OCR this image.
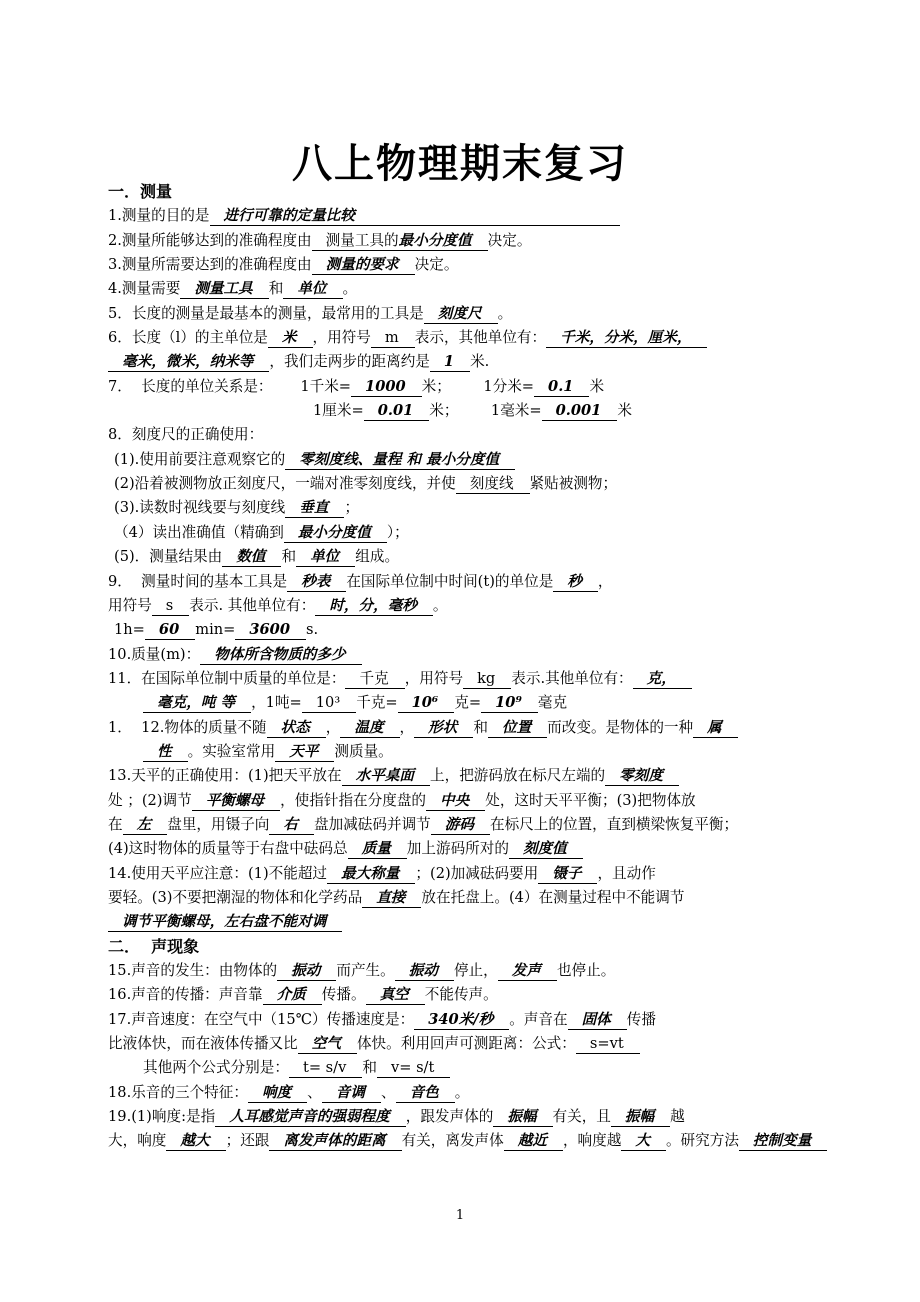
八上物理期末复习
一．测量
1.测量的目的是 进行可靠的定量比较
2.测量所能够达到的准确程度由 测量工具的最小分度值 决定。
3.测量所需要达到的准确程度由 测量的要求 决定。
4.测量需要 测量工具 和 单位 。
5．长度的测量是最基本的测量，最常用的工具是 刻度尺 。
6．长度（l）的主单位是 米 ，用符号 m 表示，其他单位有： 千米，分米，厘米，
毫米，微米，纳米等 ，我们走两步的距离约是 1 米.
7．  长度的单位关系是：      1千米= 1000 米；       1分米= 0.1 米
1厘米= 0.01 米；       1毫米= 0.001 米
8．刻度尺的正确使用：
(1).使用前要注意观察它的 零刻度线、量程 和 最小分度值
(2)沿着被测物放正刻度尺，一端对准零刻度线，并使 刻度线 紧贴被测物；
(3).读数时视线要与刻度线 垂直 ；
（4）读出准确值（精确到 最小分度值 ）；
(5)．测量结果由 数值 和 单位 组成。
9．  测量时间的基本工具是 秒表 在国际单位制中时间(t)的单位是 秒 ，
用符号 s 表示. 其他单位有： 时，分，毫秒 。
1h= 60 min= 3600 s.
10.质量(m)： 物体所含物质的多少
11．在国际单位制中质量的单位是： 千克 ，用符号 kg 表示.其他单位有： 克，
毫克，吨 等 ，1吨= 10³ 千克= 10⁶ 克= 10⁹ 毫克
1．  12.物体的质量不随 状态 ， 温度 ， 形状 和 位置 而改变。是物体的一种 属
性 。实验室常用 天平 测质量。
13.天平的正确使用：(1)把天平放在 水平桌面 上，把游码放在标尺左端的 零刻度
处 ；(2)调节 平衡螺母 ，使指针指在分度盘的 中央 处，这时天平平衡；(3)把物体放
在 左 盘里，用镊子向 右 盘加减砝码并调节 游码 在标尺上的位置，直到横梁恢复平衡；
(4)这时物体的质量等于右盘中砝码总 质量 加上游码所对的 刻度值
14.使用天平应注意：(1)不能超过 最大称量 ；(2)加减砝码要用 镊子 ，且动作
要轻。(3)不要把潮湿的物体和化学药品 直接 放在托盘上。(4）在测量过程中不能调节
调节平衡螺母，左右盘不能对调
二．  声现象
15.声音的发生：由物体的 振动 而产生。 振动 停止， 发声 也停止。
16.声音的传播：声音靠 介质 传播。 真空 不能传声。
17.声音速度：在空气中（15℃）传播速度是： 340米/秒 。声音在 固体 传播
比液体快，而在液体传播又比 空气 体快。利用回声可测距离：公式： s=vt
其他两个公式分别是： t= s/v 和 v= s/t
18.乐音的三个特征： 响度 、 音调 、 音色 。
19.(1)响度:是指 人耳感觉声音的强弱程度 ，跟发声体的 振幅 有关，且 振幅 越
大，响度 越大 ；还跟 离发声体的距离 有关，离发声体 越近 ，响度越 大 。研究方法 控制变量
1
